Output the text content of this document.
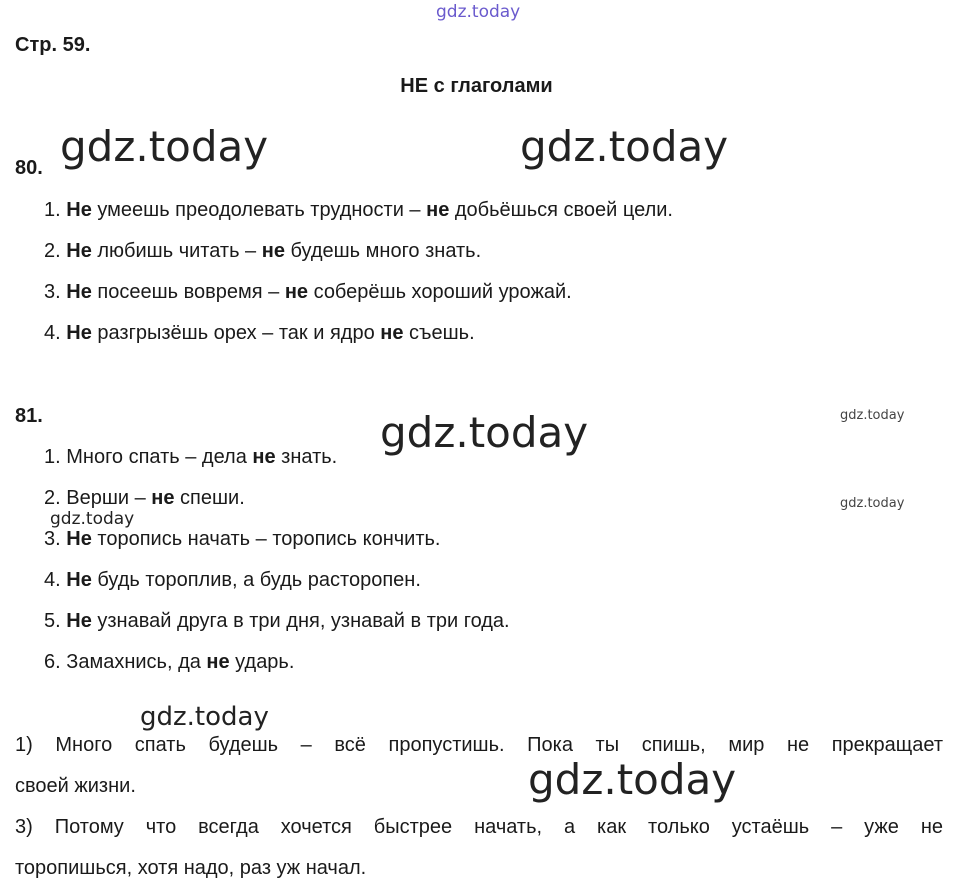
gdz.today
Стр. 59.
НЕ с глаголами
80. gdz.today	gdz.today
1. Не умеешь преодолевать трудности – не добьёшься своей цели.
2. Не любишь читать – не будешь много знать.
3. Не посеешь вовремя – не соберёшь хороший урожай.
4. Не разгрызёшь орех – так и ядро не съешь.
81.	gdz.today
gdz.today
1. Много спать – дела не знать. gdz.today
2. Верши – не спеши.
gdz.today
3. Не торопись начать – торопись кончить.
4. Не будь тороплив, а будь расторопен.
5. Не узнавай друга в три дня, узнавай в три года.
6. Замахнись, да не ударь.
gdz.today
1) Много спать будешь – всё пропустишь. Пока ты спишь, мир не прекращает
своей жизни.	gdz.today
3) Потому что всегда хочется быстрее начать, а как только устаёшь – уже не
торопишься, хотя надо, раз уж начал.
